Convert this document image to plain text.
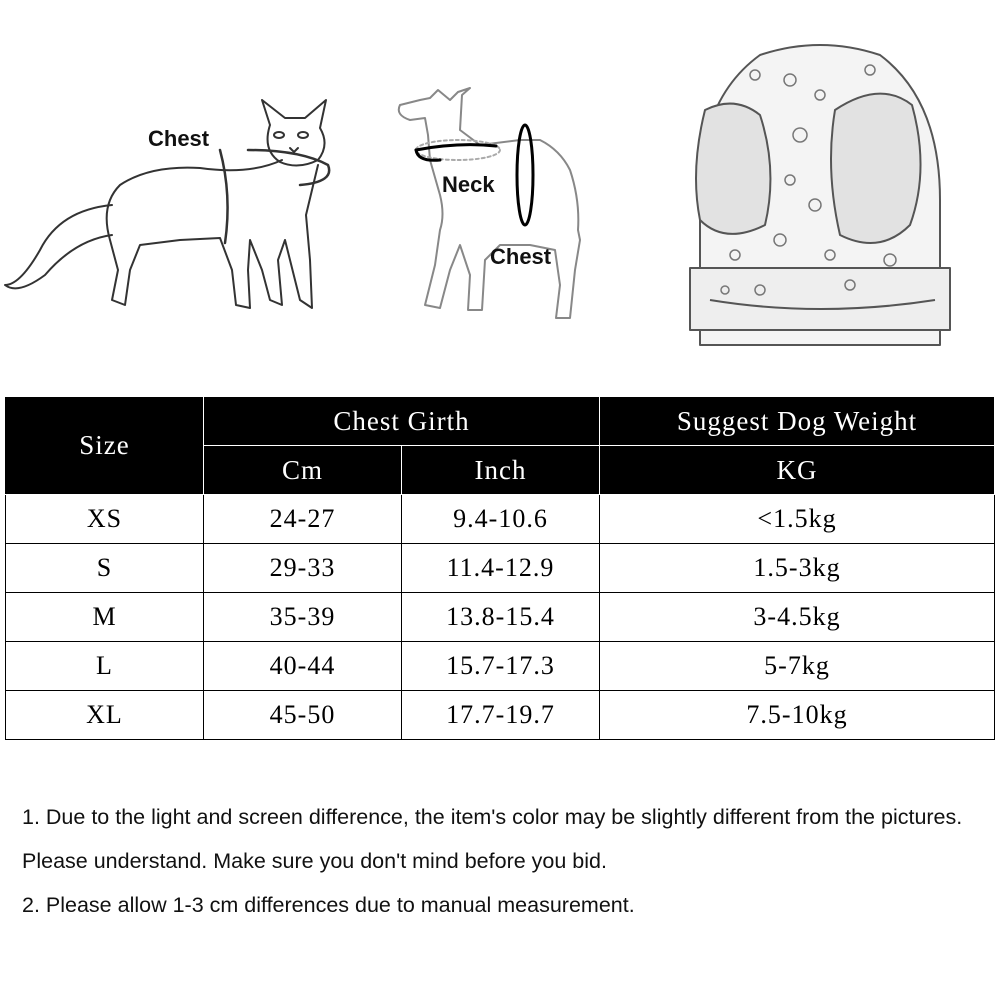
Chest
Neck
Chest
Size	Chest Girth		Suggest Dog Weight
	Cm	Inch	KG
XS	24-27	9.4-10.6	<1.5kg
S	29-33	11.4-12.9	1.5-3kg
M	35-39	13.8-15.4	3-4.5kg
L	40-44	15.7-17.3	5-7kg
XL	45-50	17.7-19.7	7.5-10kg

1. Due to the light and screen difference, the item's color may be slightly different from the pictures. Please understand. Make sure you don't mind before you bid.

2. Please allow 1-3 cm differences due to manual measurement.
